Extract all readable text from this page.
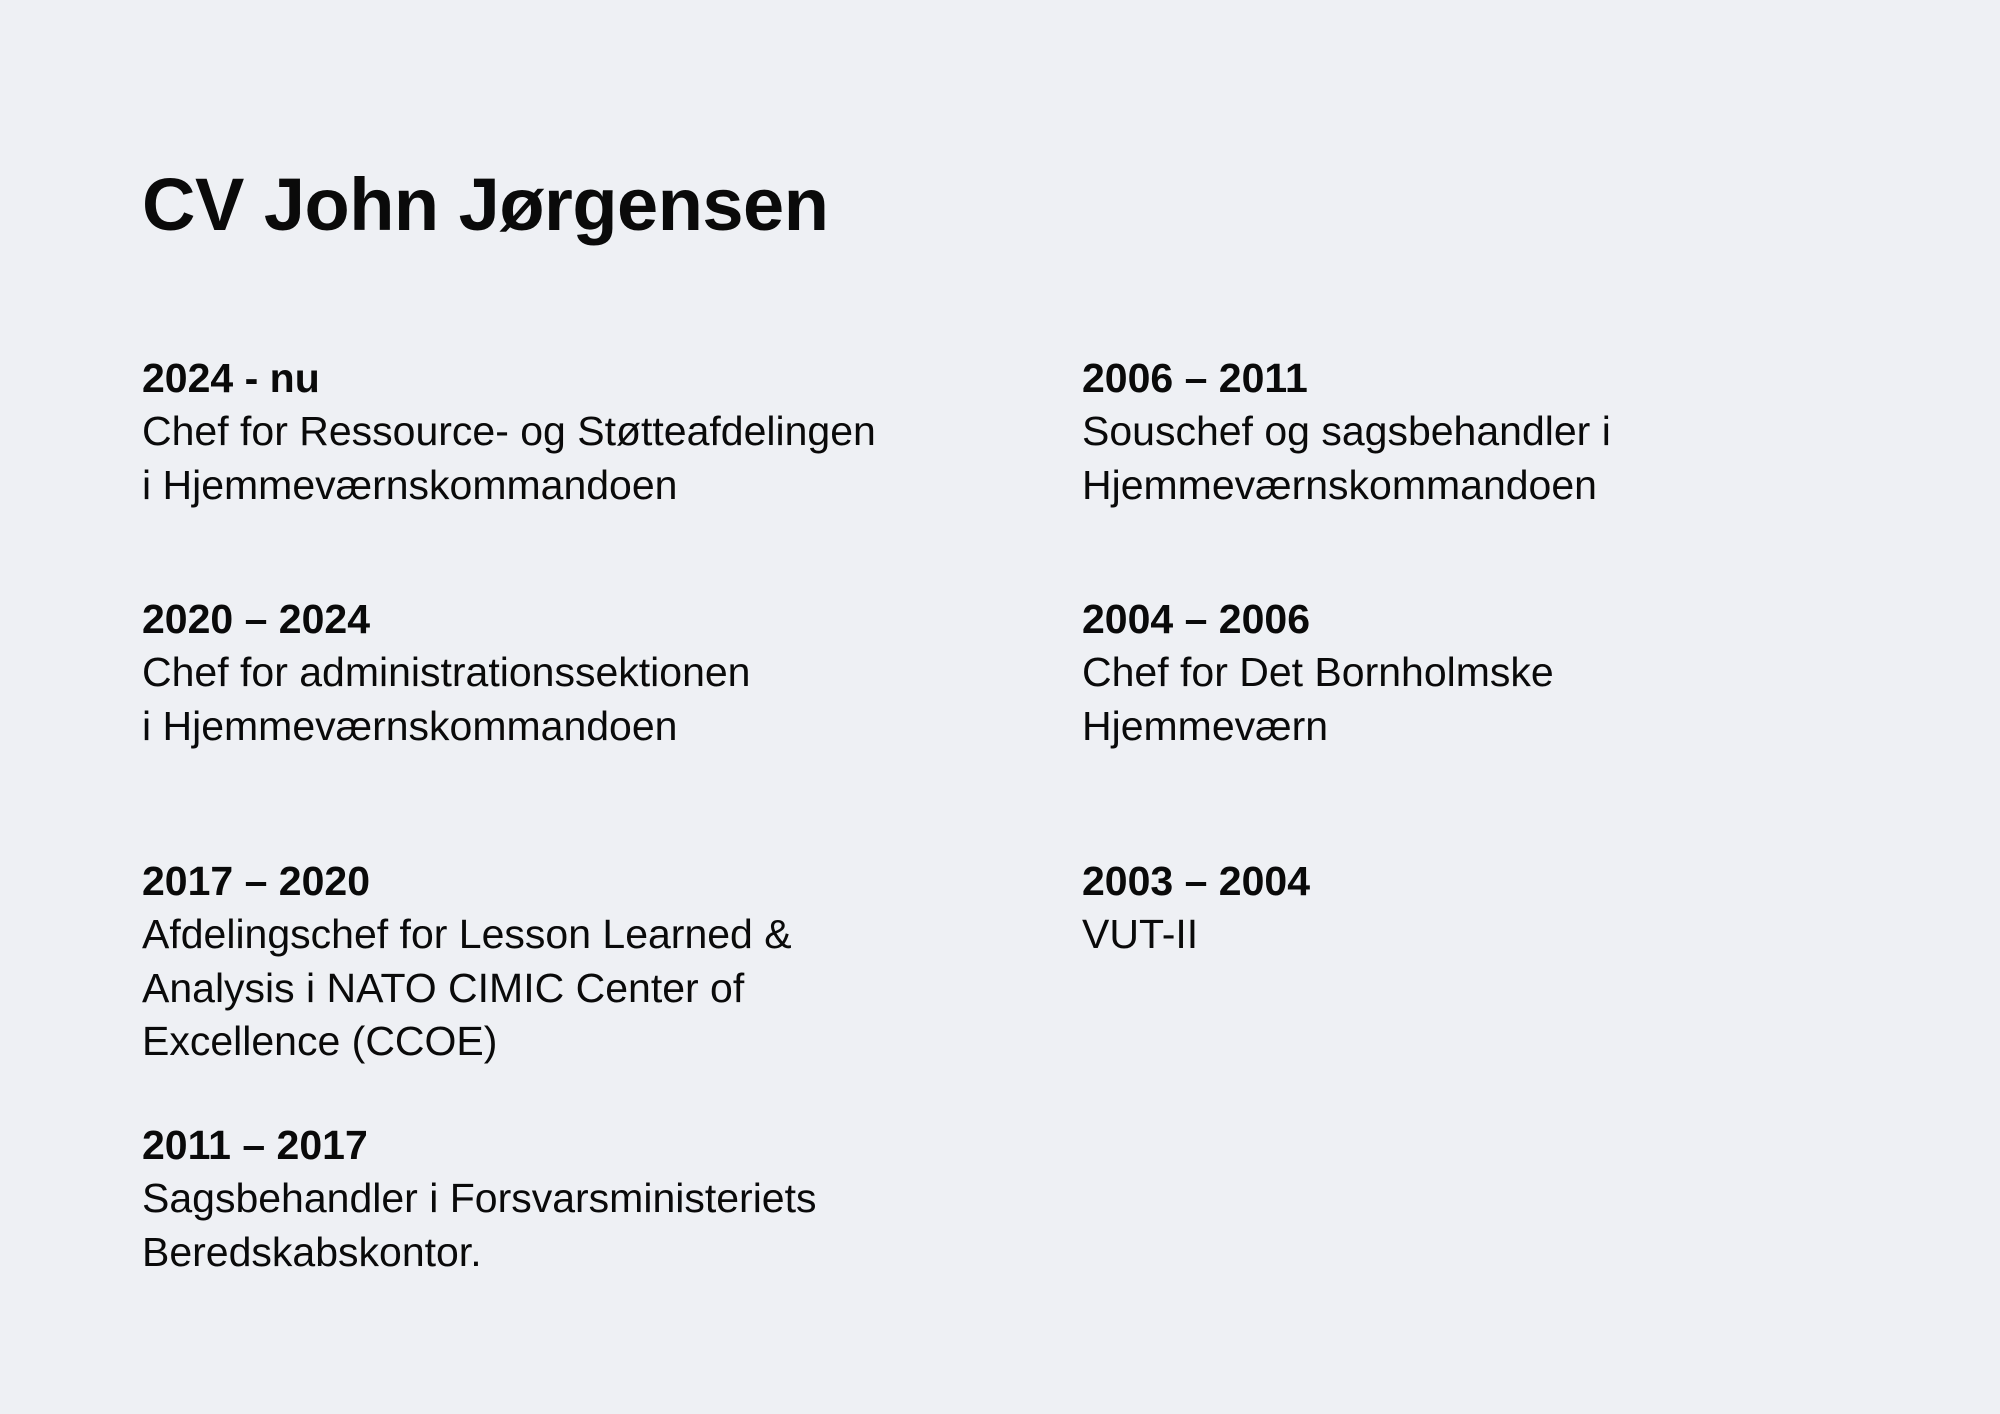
CV John Jørgensen
2024 - nu
Chef for Ressource- og Støtteafdelingen
i Hjemmeværnskommandoen
2020 – 2024
Chef for administrationssektionen
i Hjemmeværnskommandoen
2017 – 2020
Afdelingschef for Lesson Learned &
Analysis i NATO CIMIC Center of
Excellence (CCOE)
2011 – 2017
Sagsbehandler i Forsvarsministeriets
Beredskabskontor.
2006 – 2011
Souschef og sagsbehandler i
Hjemmeværnskommandoen
2004 – 2006
Chef for Det Bornholmske
Hjemmeværn
2003 – 2004
VUT-II
